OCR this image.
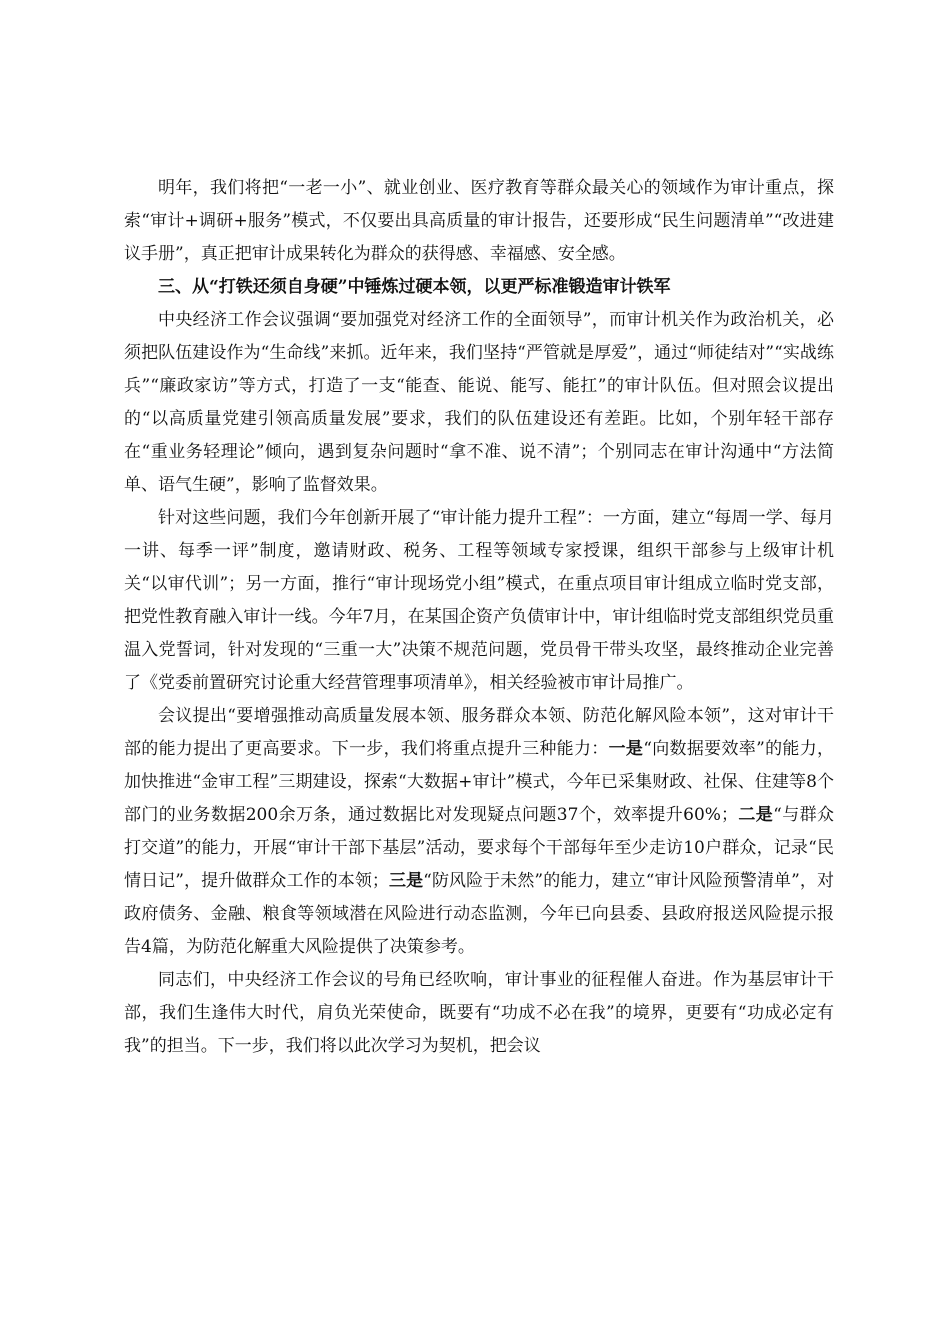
明年，我们将把“一老一小”、就业创业、医疗教育等群众最关心的领域作为审计重点，探索“审计+调研+服务”模式，不仅要出具高质量的审计报告，还要形成“民生问题清单”“改进建议手册”，真正把审计成果转化为群众的获得感、幸福感、安全感。

三、从“打铁还须自身硬”中锤炼过硬本领，以更严标准锻造审计铁军

中央经济工作会议强调“要加强党对经济工作的全面领导”，而审计机关作为政治机关，必须把队伍建设作为“生命线”来抓。近年来，我们坚持“严管就是厚爱”，通过“师徒结对”“实战练兵”“廉政家访”等方式，打造了一支“能查、能说、能写、能扛”的审计队伍。但对照会议提出的“以高质量党建引领高质量发展”要求，我们的队伍建设还有差距。比如，个别年轻干部存在“重业务轻理论”倾向，遇到复杂问题时“拿不准、说不清”；个别同志在审计沟通中“方法简单、语气生硬”，影响了监督效果。

针对这些问题，我们今年创新开展了“审计能力提升工程”：一方面，建立“每周一学、每月一讲、每季一评”制度，邀请财政、税务、工程等领域专家授课，组织干部参与上级审计机关“以审代训”；另一方面，推行“审计现场党小组”模式，在重点项目审计组成立临时党支部，把党性教育融入审计一线。今年7月，在某国企资产负债审计中，审计组临时党支部组织党员重温入党誓词，针对发现的“三重一大”决策不规范问题，党员骨干带头攻坚，最终推动企业完善了《党委前置研究讨论重大经营管理事项清单》，相关经验被市审计局推广。

会议提出“要增强推动高质量发展本领、服务群众本领、防范化解风险本领”，这对审计干部的能力提出了更高要求。下一步，我们将重点提升三种能力：一是“向数据要效率”的能力，加快推进“金审工程”三期建设，探索“大数据+审计”模式，今年已采集财政、社保、住建等8个部门的业务数据200余万条，通过数据比对发现疑点问题37个，效率提升60%；二是“与群众打交道”的能力，开展“审计干部下基层”活动，要求每个干部每年至少走访10户群众，记录“民情日记”，提升做群众工作的本领；三是“防风险于未然”的能力，建立“审计风险预警清单”，对政府债务、金融、粮食等领域潜在风险进行动态监测，今年已向县委、县政府报送风险提示报告4篇，为防范化解重大风险提供了决策参考。

同志们，中央经济工作会议的号角已经吹响，审计事业的征程催人奋进。作为基层审计干部，我们生逢伟大时代，肩负光荣使命，既要有“功成不必在我”的境界，更要有“功成必定有我”的担当。下一步，我们将以此次学习为契机，把会议
